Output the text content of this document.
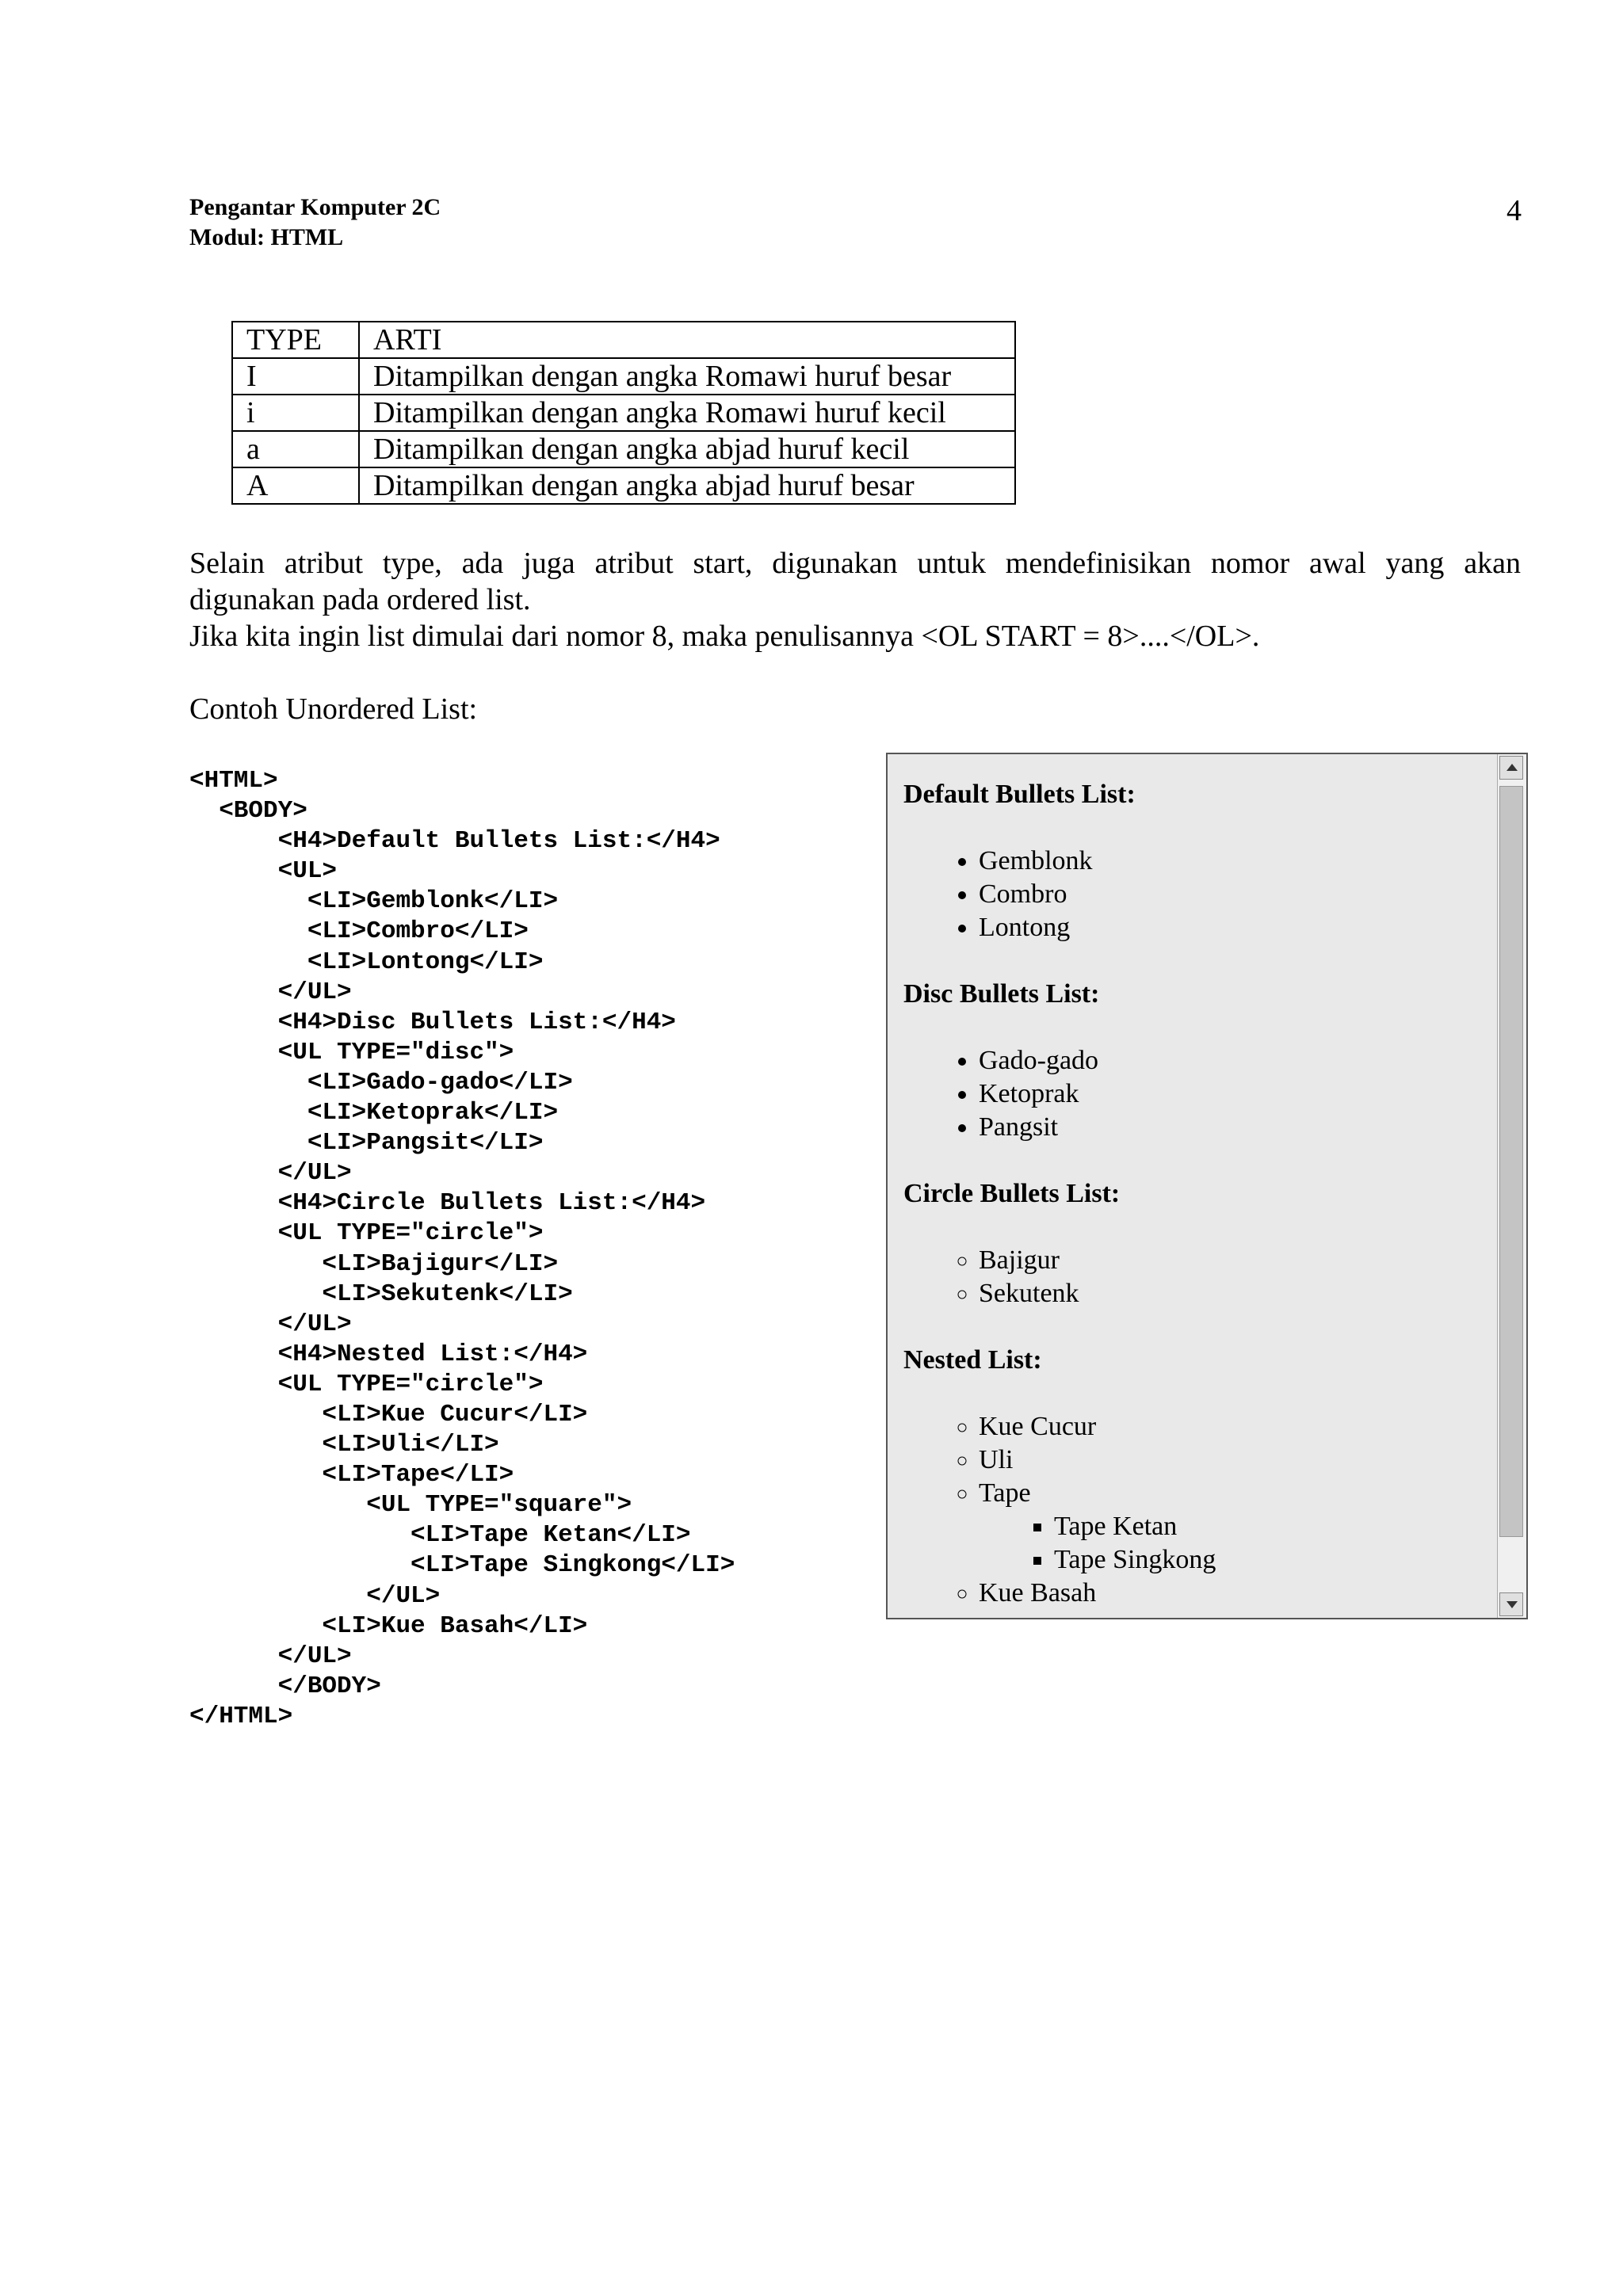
Pengantar Komputer 2C
Modul: HTML
4
TYPE	ARTI
I	Ditampilkan dengan angka Romawi huruf besar
i	Ditampilkan dengan angka Romawi huruf kecil
a	Ditampilkan dengan angka abjad huruf kecil
A	Ditampilkan dengan angka abjad huruf besar
Selain atribut type, ada juga atribut start, digunakan untuk mendefinisikan nomor awal yang akan
digunakan pada ordered list.
Jika kita ingin list dimulai dari nomor 8, maka penulisannya <OL START = 8>....</OL>.
Contoh Unordered List:
<HTML>
<BODY>
<H4>Default Bullets List:</H4>
<UL>
<LI>Gemblonk</LI>
<LI>Combro</LI>
<LI>Lontong</LI>
</UL>
<H4>Disc Bullets List:</H4>
<UL TYPE="disc">
<LI>Gado-gado</LI>
<LI>Ketoprak</LI>
<LI>Pangsit</LI>
</UL>
<H4>Circle Bullets List:</H4>
<UL TYPE="circle">
<LI>Bajigur</LI>
<LI>Sekutenk</LI>
</UL>
<H4>Nested List:</H4>
<UL TYPE="circle">
<LI>Kue Cucur</LI>
<LI>Uli</LI>
<LI>Tape</LI>
<UL TYPE="square">
<LI>Tape Ketan</LI>
<LI>Tape Singkong</LI>
</UL>
<LI>Kue Basah</LI>
</UL>
</BODY>
</HTML>
Default Bullets List:
• Gemblonk
• Combro
• Lontong
Disc Bullets List:
• Gado-gado
• Ketoprak
• Pangsit
Circle Bullets List:
◦ Bajigur
◦ Sekutenk
Nested List:
◦ Kue Cucur
◦ Uli
◦ Tape
▪ Tape Ketan
▪ Tape Singkong
◦ Kue Basah
